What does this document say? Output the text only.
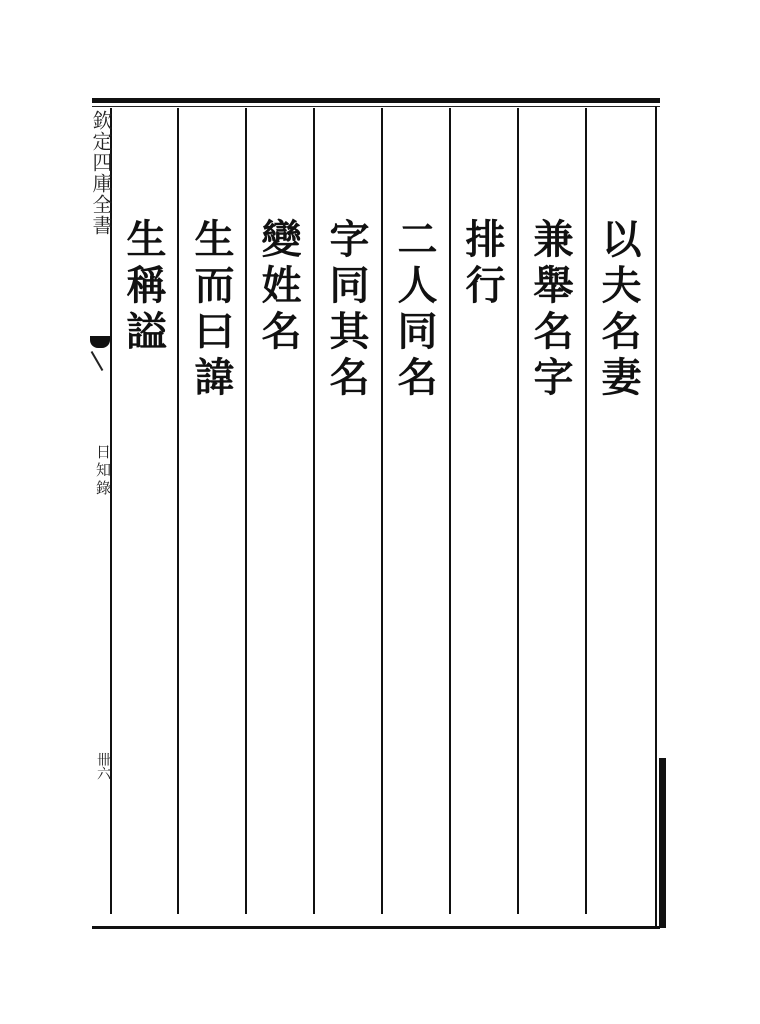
欽定四庫全書
日知錄
卌六
以夫名妻
兼舉名字
排行
二人同名
字同其名
變姓名
生而曰諱
生稱謚
